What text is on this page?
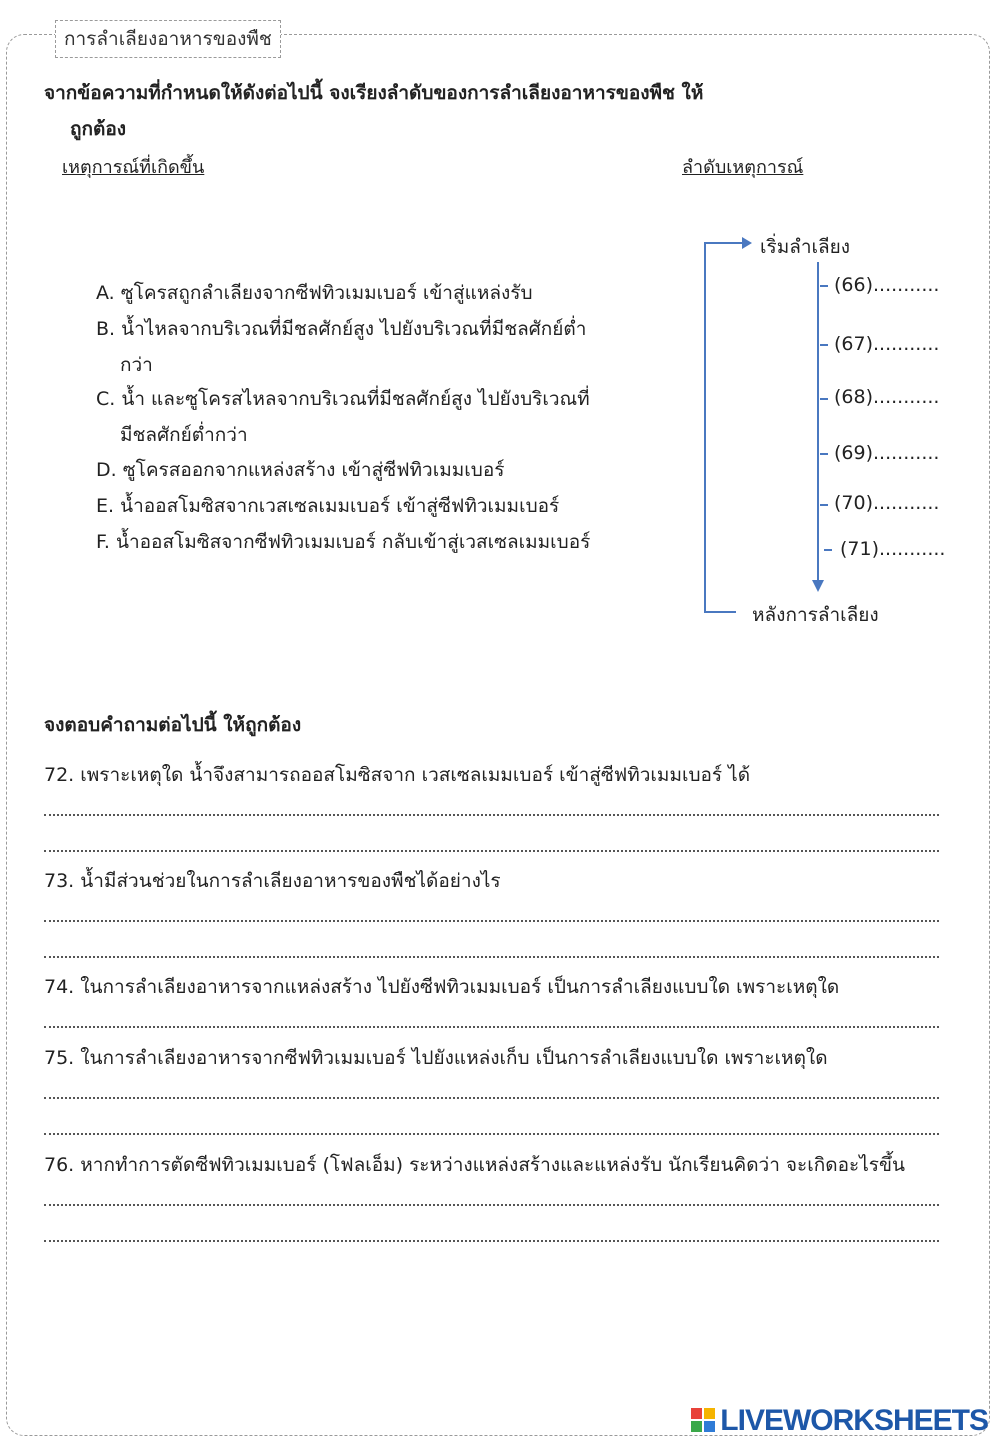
การลำเลียงอาหารของพืช
จากข้อความที่กำหนดให้ดังต่อไปนี้ จงเรียงลำดับของการลำเลียงอาหารของพืช ให้
ถูกต้อง
เหตุการณ์ที่เกิดขึ้น	ลำดับเหตุการณ์
A. ซูโครสถูกลำเลียงจากซีฟทิวเมมเบอร์ เข้าสู่แหล่งรับ
B. น้ำไหลจากบริเวณที่มีชลศักย์สูง ไปยังบริเวณที่มีชลศักย์ต่ำ
กว่า
C. น้ำ และซูโครสไหลจากบริเวณที่มีชลศักย์สูง ไปยังบริเวณที่
มีชลศักย์ต่ำกว่า
D. ซูโครสออกจากแหล่งสร้าง เข้าสู่ซีฟทิวเมมเบอร์
E. น้ำออสโมซิสจากเวสเซลเมมเบอร์ เข้าสู่ซีฟทิวเมมเบอร์
F. น้ำออสโมซิสจากซีฟทิวเมมเบอร์ กลับเข้าสู่เวสเซลเมมเบอร์
เริ่มลำเลียง
หลังการลำเลียง
(66)...........
(67)...........
(68)...........
(69)...........
(70)...........
(71)...........
จงตอบคำถามต่อไปนี้ ให้ถูกต้อง
72. เพราะเหตุใด น้ำจึงสามารถออสโมซิสจาก เวสเซลเมมเบอร์ เข้าสู่ซีฟทิวเมมเบอร์ ได้
73. น้ำมีส่วนช่วยในการลำเลียงอาหารของพืชได้อย่างไร
74. ในการลำเลียงอาหารจากแหล่งสร้าง ไปยังซีฟทิวเมมเบอร์ เป็นการลำเลียงแบบใด เพราะเหตุใด
75. ในการลำเลียงอาหารจากซีฟทิวเมมเบอร์ ไปยังแหล่งเก็บ เป็นการลำเลียงแบบใด เพราะเหตุใด
76. หากทำการตัดซีฟทิวเมมเบอร์ (โฟลเอ็ม) ระหว่างแหล่งสร้างและแหล่งรับ นักเรียนคิดว่า จะเกิดอะไรขึ้น
LIVEWORKSHEETS
